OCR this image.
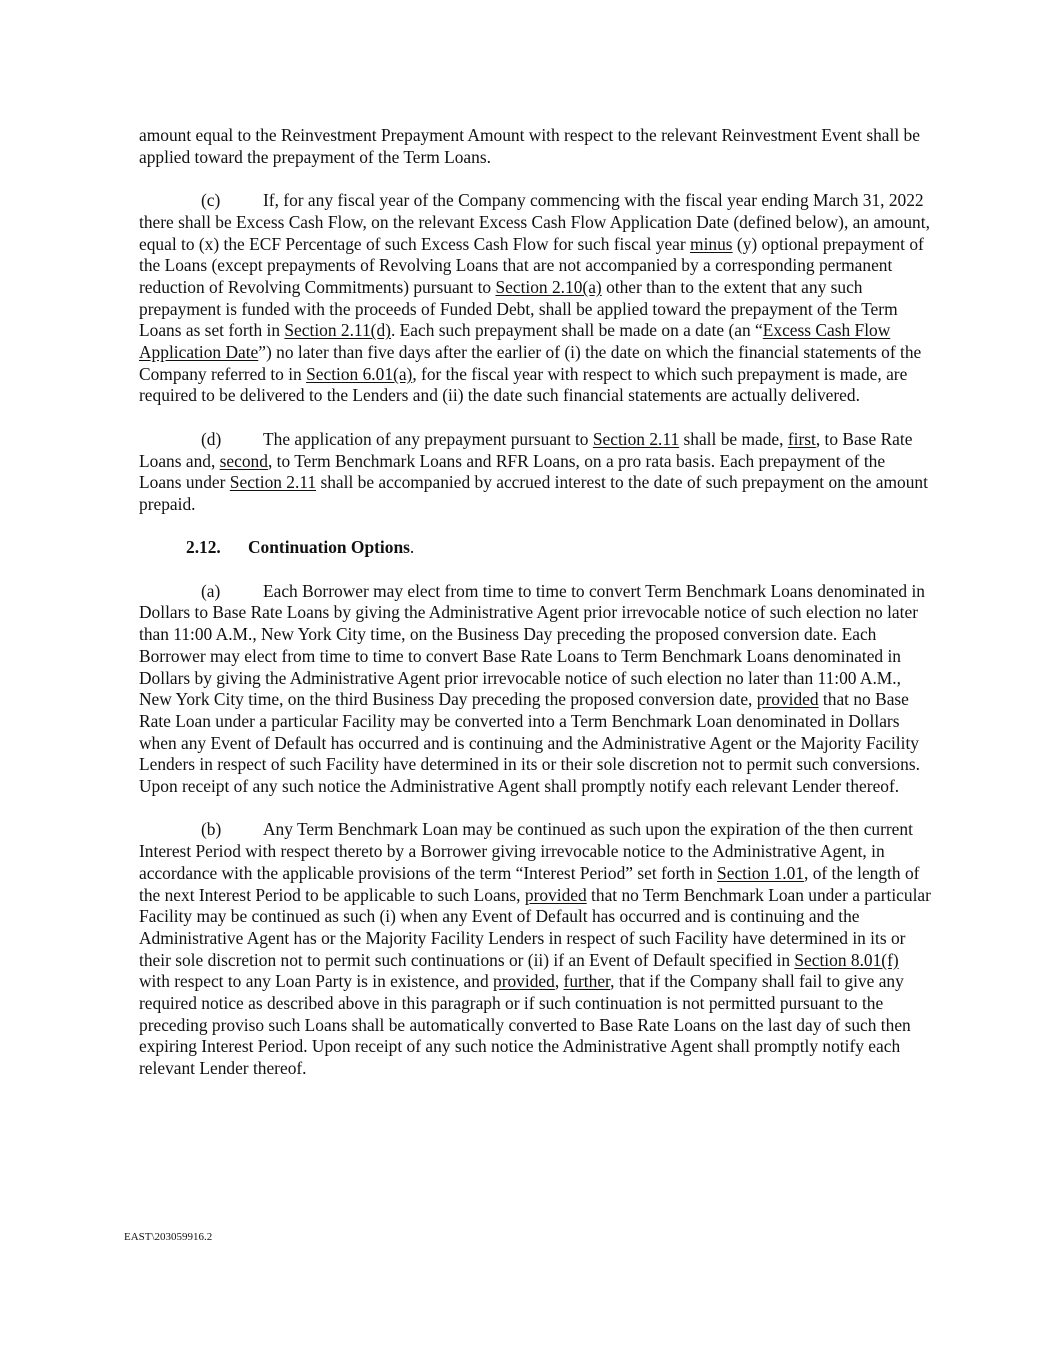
amount equal to the Reinvestment Prepayment Amount with respect to the relevant Reinvestment Event shall be applied toward the prepayment of the Term Loans.

(c) If, for any fiscal year of the Company commencing with the fiscal year ending March 31, 2022 there shall be Excess Cash Flow, on the relevant Excess Cash Flow Application Date (defined below), an amount, equal to (x) the ECF Percentage of such Excess Cash Flow for such fiscal year minus (y) optional prepayment of the Loans (except prepayments of Revolving Loans that are not accompanied by a corresponding permanent reduction of Revolving Commitments) pursuant to Section 2.10(a) other than to the extent that any such prepayment is funded with the proceeds of Funded Debt, shall be applied toward the prepayment of the Term Loans as set forth in Section 2.11(d). Each such prepayment shall be made on a date (an “Excess Cash Flow Application Date”) no later than five days after the earlier of (i) the date on which the financial statements of the Company referred to in Section 6.01(a), for the fiscal year with respect to which such prepayment is made, are required to be delivered to the Lenders and (ii) the date such financial statements are actually delivered.

(d) The application of any prepayment pursuant to Section 2.11 shall be made, first, to Base Rate Loans and, second, to Term Benchmark Loans and RFR Loans, on a pro rata basis. Each prepayment of the Loans under Section 2.11 shall be accompanied by accrued interest to the date of such prepayment on the amount prepaid.

2.12. Continuation Options.

(a) Each Borrower may elect from time to time to convert Term Benchmark Loans denominated in Dollars to Base Rate Loans by giving the Administrative Agent prior irrevocable notice of such election no later than 11:00 A.M., New York City time, on the Business Day preceding the proposed conversion date. Each Borrower may elect from time to time to convert Base Rate Loans to Term Benchmark Loans denominated in Dollars by giving the Administrative Agent prior irrevocable notice of such election no later than 11:00 A.M., New York City time, on the third Business Day preceding the proposed conversion date, provided that no Base Rate Loan under a particular Facility may be converted into a Term Benchmark Loan denominated in Dollars when any Event of Default has occurred and is continuing and the Administrative Agent or the Majority Facility Lenders in respect of such Facility have determined in its or their sole discretion not to permit such conversions. Upon receipt of any such notice the Administrative Agent shall promptly notify each relevant Lender thereof.

(b) Any Term Benchmark Loan may be continued as such upon the expiration of the then current Interest Period with respect thereto by a Borrower giving irrevocable notice to the Administrative Agent, in accordance with the applicable provisions of the term “Interest Period” set forth in Section 1.01, of the length of the next Interest Period to be applicable to such Loans, provided that no Term Benchmark Loan under a particular Facility may be continued as such (i) when any Event of Default has occurred and is continuing and the Administrative Agent has or the Majority Facility Lenders in respect of such Facility have determined in its or their sole discretion not to permit such continuations or (ii) if an Event of Default specified in Section 8.01(f) with respect to any Loan Party is in existence, and provided, further, that if the Company shall fail to give any required notice as described above in this paragraph or if such continuation is not permitted pursuant to the preceding proviso such Loans shall be automatically converted to Base Rate Loans on the last day of such then expiring Interest Period. Upon receipt of any such notice the Administrative Agent shall promptly notify each relevant Lender thereof.

EAST\203059916.2
